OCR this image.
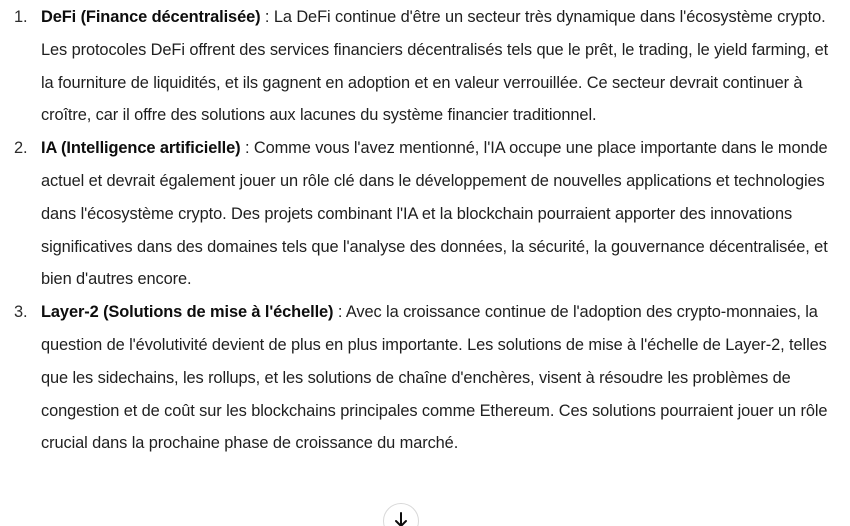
1. DeFi (Finance décentralisée) : La DeFi continue d'être un secteur très dynamique dans l'écosystème crypto. Les protocoles DeFi offrent des services financiers décentralisés tels que le prêt, le trading, le yield farming, et la fourniture de liquidités, et ils gagnent en adoption et en valeur verrouillée. Ce secteur devrait continuer à croître, car il offre des solutions aux lacunes du système financier traditionnel.
2. IA (Intelligence artificielle) : Comme vous l'avez mentionné, l'IA occupe une place importante dans le monde actuel et devrait également jouer un rôle clé dans le développement de nouvelles applications et technologies dans l'écosystème crypto. Des projets combinant l'IA et la blockchain pourraient apporter des innovations significatives dans des domaines tels que l'analyse des données, la sécurité, la gouvernance décentralisée, et bien d'autres encore.
3. Layer-2 (Solutions de mise à l'échelle) : Avec la croissance continue de l'adoption des crypto-monnaies, la question de l'évolutivité devient de plus en plus importante. Les solutions de mise à l'échelle de Layer-2, telles que les sidechains, les rollups, et les solutions de chaîne d'enchères, visent à résoudre les problèmes de congestion et de coût sur les blockchains principales comme Ethereum. Ces solutions pourraient jouer un rôle crucial dans la prochaine phase de croissance du marché.
